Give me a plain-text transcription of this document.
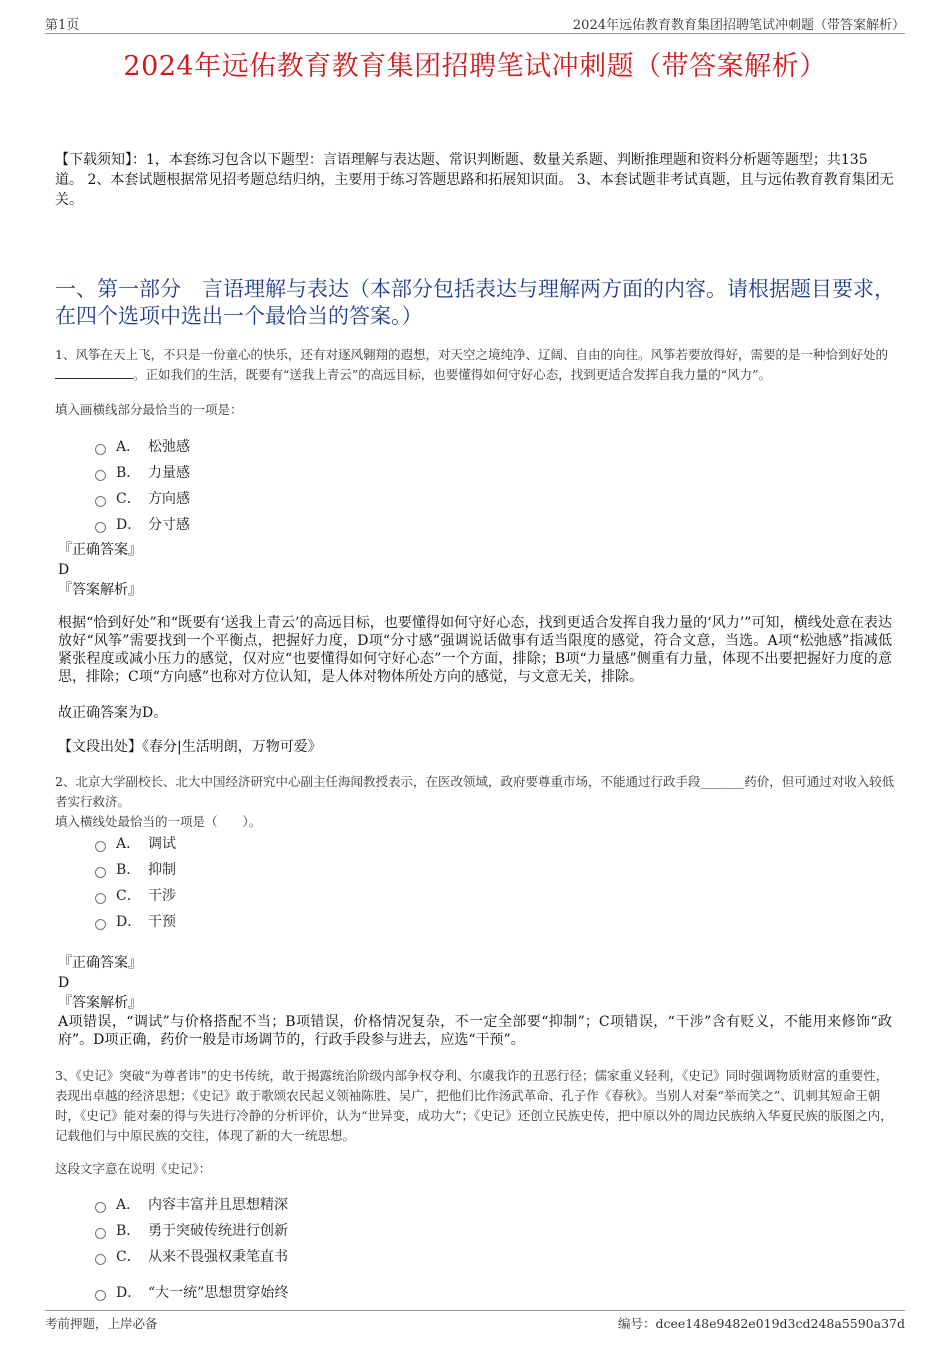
第1页	2024年远佑教育教育集团招聘笔试冲刺题（带答案解析）
2024年远佑教育教育集团招聘笔试冲刺题（带答案解析）
【下载须知】：1，本套练习包含以下题型：言语理解与表达题、常识判断题、数量关系题、判断推理题和资料分析题等题型；共135道。 2、本套试题根据常见招考题总结归纳，主要用于练习答题思路和拓展知识面。 3、本套试题非考试真题，且与远佑教育教育集团无关。
一、第一部分　言语理解与表达（本部分包括表达与理解两方面的内容。请根据题目要求，在四个选项中选出一个最恰当的答案。）
1、风筝在天上飞，不只是一份童心的快乐，还有对逐风翱翔的遐想，对天空之境纯净、辽阔、自由的向往。风筝若要放得好，需要的是一种恰到好处的。正如我们的生活，既要有“送我上青云”的高远目标，也要懂得如何守好心态，找到更适合发挥自我力量的“风力”。
填入画横线部分最恰当的一项是：
A． 松弛感
B． 力量感
C． 方向感
D． 分寸感
『正确答案』
D
『答案解析』
根据“恰到好处”和“既要有‘送我上青云’的高远目标，也要懂得如何守好心态，找到更适合发挥自我力量的‘风力’”可知，横线处意在表达放好“风筝”需要找到一个平衡点，把握好力度，D项“分寸感”强调说话做事有适当限度的感觉，符合文意，当选。A项“松弛感”指减低紧张程度或减小压力的感觉，仅对应“也要懂得如何守好心态”一个方面，排除；B项“力量感”侧重有力量，体现不出要把握好力度的意思，排除；C项“方向感”也称对方位认知，是人体对物体所处方向的感觉，与文意无关，排除。
故正确答案为D。
【文段出处】《春分|生活明朗，万物可爱》
2、北京大学副校长、北大中国经济研究中心副主任海闻教授表示，在医改领域，政府要尊重市场，不能通过行政手段_______药价，但可通过对收入较低者实行救济。
填入横线处最恰当的一项是（　　）。
A． 调试
B． 抑制
C． 干涉
D． 干预
『正确答案』
D
『答案解析』
A项错误，“调试”与价格搭配不当；B项错误，价格情况复杂，不一定全部要“抑制”；C项错误，“干涉”含有贬义，不能用来修饰“政府”。D项正确，药价一般是市场调节的，行政手段参与进去，应选“干预”。
3、《史记》突破“为尊者讳”的史书传统，敢于揭露统治阶级内部争权夺利、尔虞我诈的丑恶行径；儒家重义轻利，《史记》同时强调物质财富的重要性，表现出卓越的经济思想；《史记》敢于歌颂农民起义领袖陈胜、吴广，把他们比作汤武革命、孔子作《春秋》。当别人对秦“举而笑之”、讥刺其短命王朝时，《史记》能对秦的得与失进行冷静的分析评价，认为“世异变，成功大”；《史记》还创立民族史传，把中原以外的周边民族纳入华夏民族的版图之内，记载他们与中原民族的交往，体现了新的大一统思想。
这段文字意在说明《史记》：
A． 内容丰富并且思想精深
B． 勇于突破传统进行创新
C． 从来不畏强权秉笔直书
D． “大一统”思想贯穿始终
考前押题，上岸必备	编号：dcee148e9482e019d3cd248a5590a37d
